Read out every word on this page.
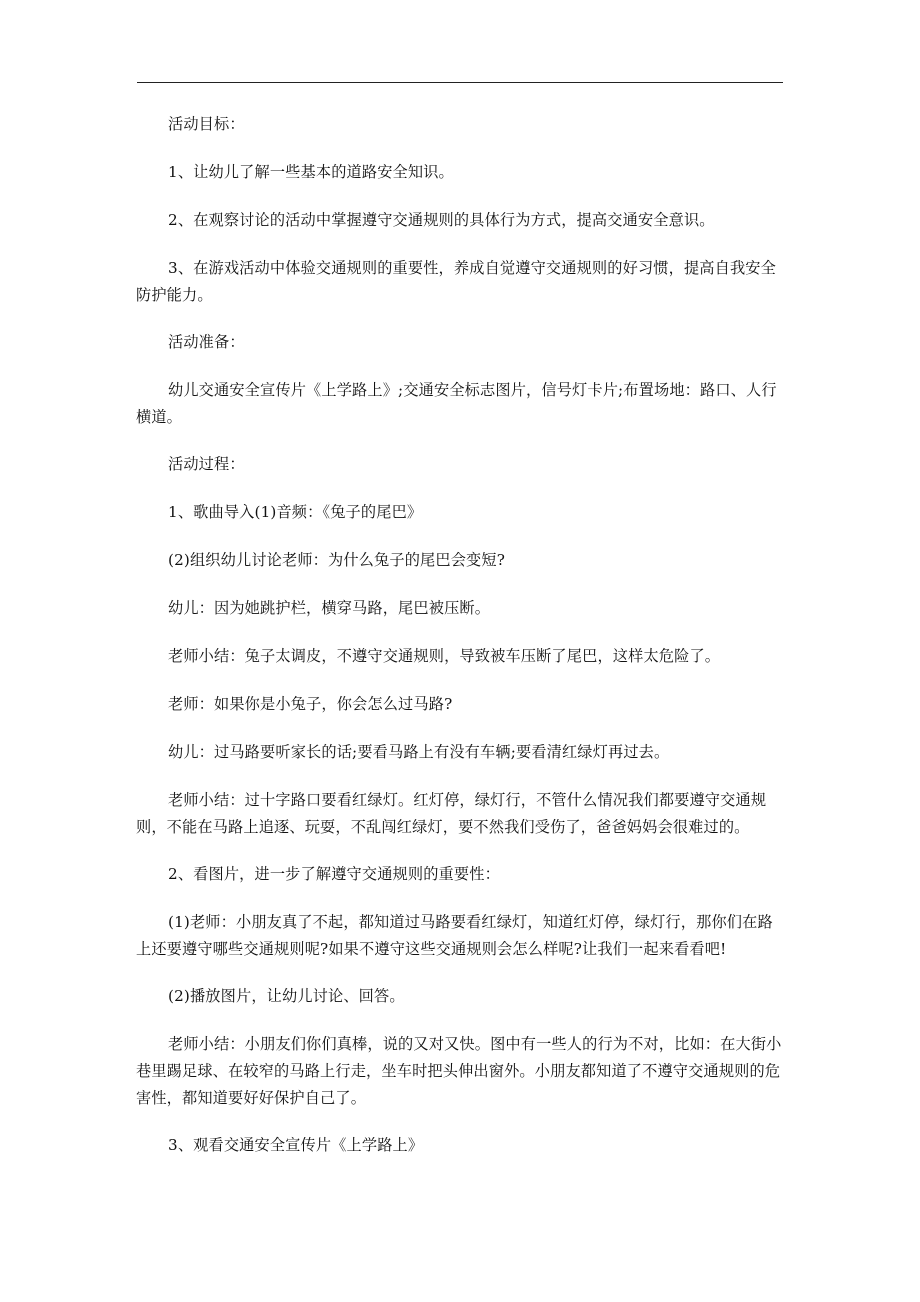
活动目标：

1、让幼儿了解一些基本的道路安全知识。

2、在观察讨论的活动中掌握遵守交通规则的具体行为方式，提高交通安全意识。

3、在游戏活动中体验交通规则的重要性，养成自觉遵守交通规则的好习惯，提高自我安全防护能力。

活动准备：

幼儿交通安全宣传片《上学路上》;交通安全标志图片，信号灯卡片;布置场地：路口、人行横道。

活动过程：

1、歌曲导入(1)音频：《兔子的尾巴》

(2)组织幼儿讨论老师：为什么兔子的尾巴会变短?

幼儿：因为她跳护栏，横穿马路，尾巴被压断。

老师小结：兔子太调皮，不遵守交通规则，导致被车压断了尾巴，这样太危险了。

老师：如果你是小兔子，你会怎么过马路?

幼儿：过马路要听家长的话;要看马路上有没有车辆;要看清红绿灯再过去。

老师小结：过十字路口要看红绿灯。红灯停，绿灯行，不管什么情况我们都要遵守交通规则，不能在马路上追逐、玩耍，不乱闯红绿灯，要不然我们受伤了，爸爸妈妈会很难过的。

2、看图片，进一步了解遵守交通规则的重要性：

(1)老师：小朋友真了不起，都知道过马路要看红绿灯，知道红灯停，绿灯行，那你们在路上还要遵守哪些交通规则呢?如果不遵守这些交通规则会怎么样呢?让我们一起来看看吧!

(2)播放图片，让幼儿讨论、回答。

老师小结：小朋友们你们真棒，说的又对又快。图中有一些人的行为不对，比如：在大街小巷里踢足球、在较窄的马路上行走，坐车时把头伸出窗外。小朋友都知道了不遵守交通规则的危害性，都知道要好好保护自己了。

3、观看交通安全宣传片《上学路上》
